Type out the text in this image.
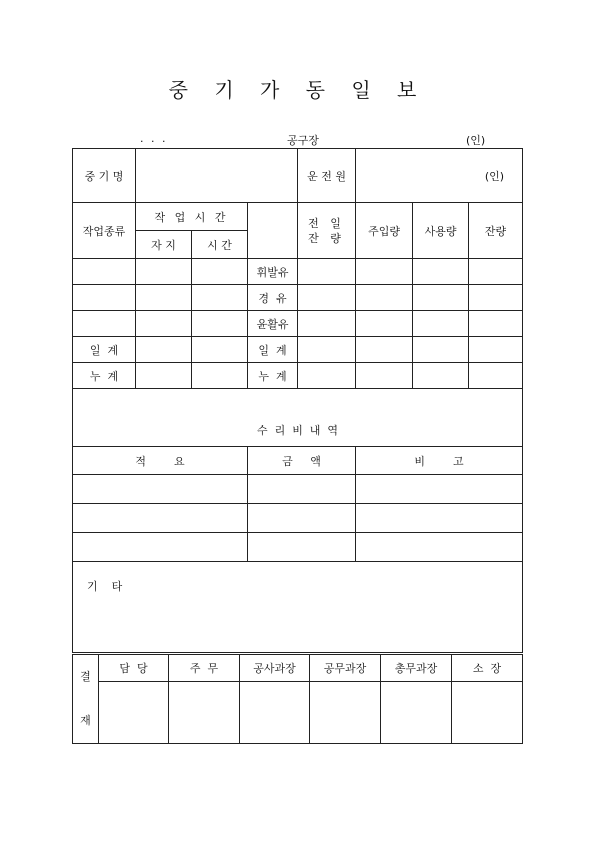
중 기 가 동 일 보
. . .	공구장	(인)
중 기 명				운 전 원	(인)		
작업종류	작 업 시 간			전 일 잔 량	주입량	사용량	잔량
	자 지	시 간					
			휘발유				
			경  유				
			윤활유				
일  계			일  계				
누  계			누  계				
수  리  비  내  역							
적        요			금     액		비        고		

기    타							
결 재	담  당	주  무	공사과장	공무과장	총무과장	소  장
